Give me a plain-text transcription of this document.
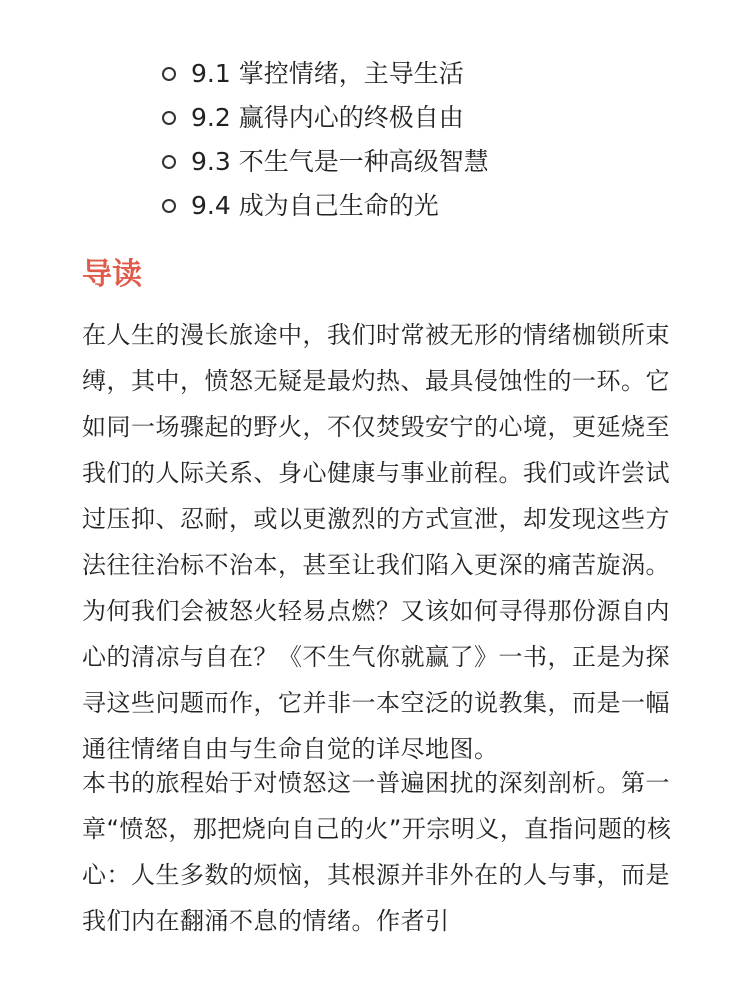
9.1 掌控情绪，主导生活
9.2 赢得内心的终极自由
9.3 不生气是一种高级智慧
9.4 成为自己生命的光
导读

在人生的漫长旅途中，我们时常被无形的情绪枷锁所束缚，其中，愤怒无疑是最灼热、最具侵蚀性的一环。它如同一场骤起的野火，不仅焚毁安宁的心境，更延烧至我们的人际关系、身心健康与事业前程。我们或许尝试过压抑、忍耐，或以更激烈的方式宣泄，却发现这些方法往往治标不治本，甚至让我们陷入更深的痛苦旋涡。为何我们会被怒火轻易点燃？又该如何寻得那份源自内心的清凉与自在？《不生气你就赢了》一书，正是为探寻这些问题而作，它并非一本空泛的说教集，而是一幅通往情绪自由与生命自觉的详尽地图。

本书的旅程始于对愤怒这一普遍困扰的深刻剖析。第一章“愤怒，那把烧向自己的火”开宗明义，直指问题的核心：人生多数的烦恼，其根源并非外在的人与事，而是我们内在翻涌不息的情绪。作者引
